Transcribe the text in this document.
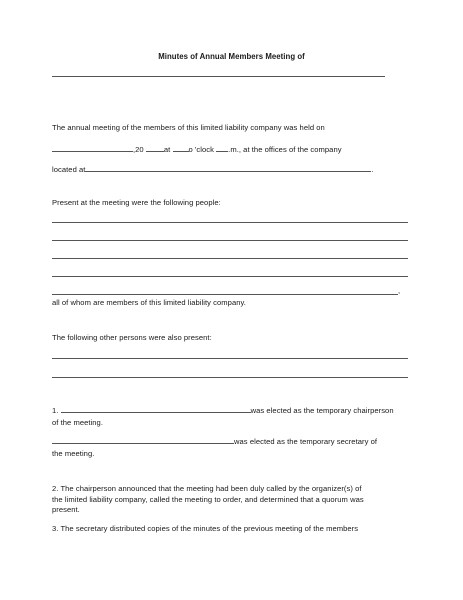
Minutes of Annual Members Meeting of
The annual meeting of the members of this limited liability company was held on
,20	at o 'clock .m., at the offices of the company
located at	.
Present at the meeting were the following people:
,
all of whom are members of this limited liability company.
The following other persons were also present:
1.	was elected as the temporary chairperson
of the meeting.
was elected as the temporary secretary of
the meeting.
2. The chairperson announced that the meeting had been duly called by the organizer(s) of
the limited liability company, called the meeting to order, and determined that a quorum was
present.
3. The secretary distributed copies of the minutes of the previous meeting of the members
